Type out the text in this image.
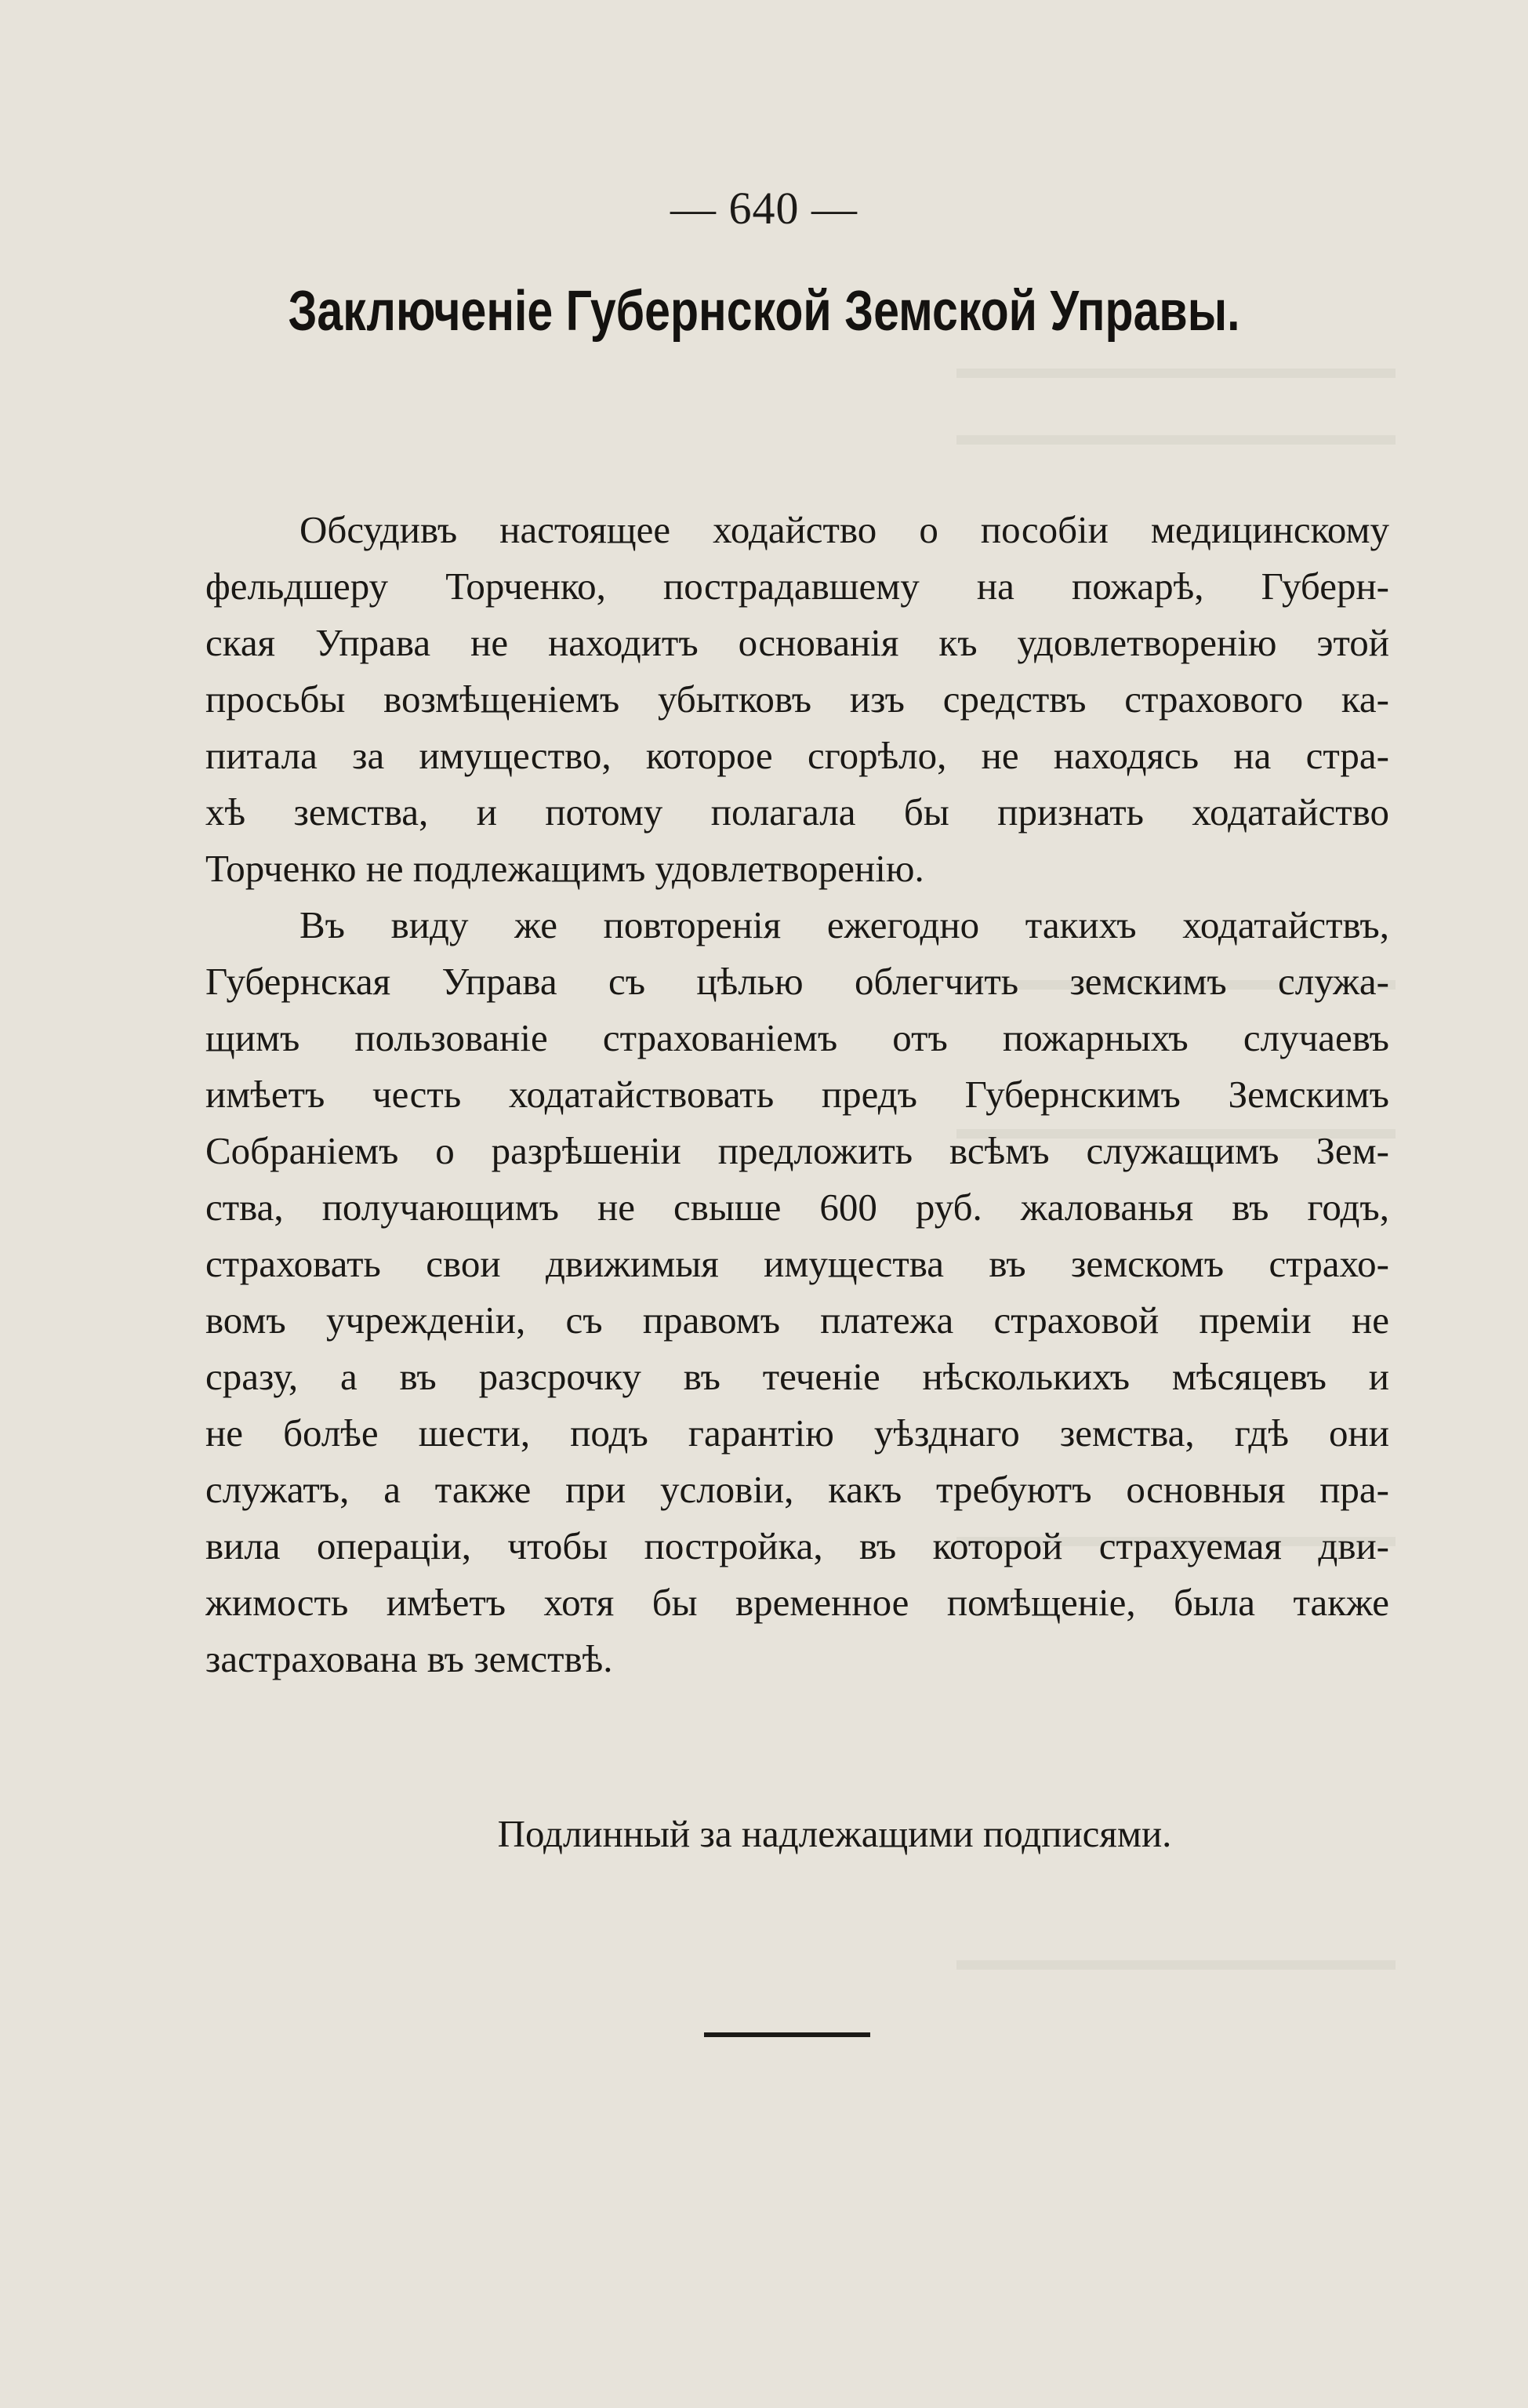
— 640 —
Заключенiе Губернской Земской Управы.
Обсудивъ настоящее ходайство о пособiи медицинскому
фельдшеру Торченко, пострадавшему на пожарѣ, Губерн-
ская Управа не находитъ основанiя къ удовлетворенiю этой
просьбы возмѣщенiемъ убытковъ изъ средствъ страхового ка-
питала за имущество, которое сгорѣло, не находясь на стра-
хѣ земства, и потому полагала бы признать ходатайство
Торченко не подлежащимъ удовлетворенiю.
Въ виду же повторенiя ежегодно такихъ ходатайствъ,
Губернская Управа съ цѣлью облегчить земскимъ служа-
щимъ пользованiе страхованiемъ отъ пожарныхъ случаевъ
имѣетъ честь ходатайствовать предъ Губернскимъ Земскимъ
Собранiемъ о разрѣшенiи предложить всѣмъ служащимъ Зем-
ства, получающимъ не свыше 600 руб. жалованья въ годъ,
страховать свои движимыя имущества въ земскомъ страхо-
вомъ учрежденiи, съ правомъ платежа страховой премiи не
сразу, а въ разсрочку въ теченiе нѣсколькихъ мѣсяцевъ и
не болѣе шести, подъ гарантiю уѣзднаго земства, гдѣ они
служатъ, а также при условiи, какъ требуютъ основныя пра-
вила операцiи, чтобы постройка, въ которой страхуемая дви-
жимость имѣетъ хотя бы временное помѣщенiе, была также
застрахована въ земствѣ.
Подлинный за надлежащими подписями.
